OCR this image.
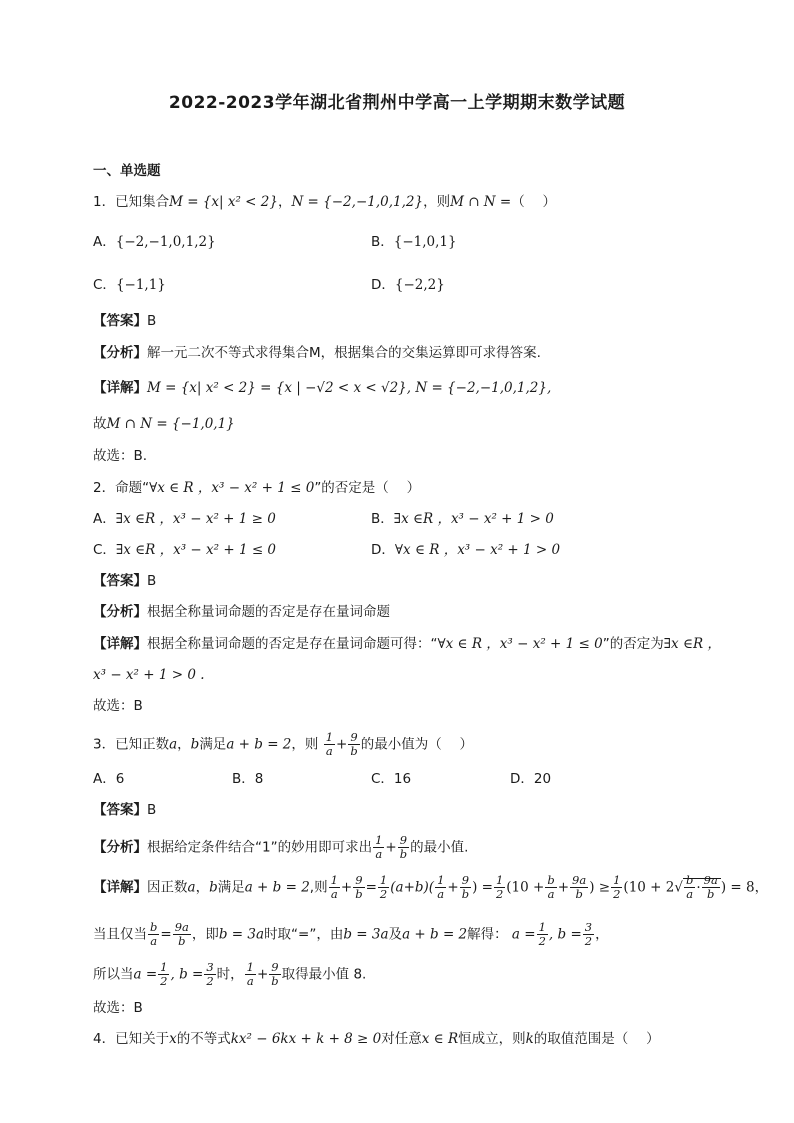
2022-2023学年湖北省荆州中学高一上学期期末数学试题
一、单选题
1．已知集合M = {x| x² < 2}，N = {−2,−1,0,1,2}，则M ∩ N =（　 ）
A．{−2,−1,0,1,2}	B．{−1,0,1}
C．{−1,1}	D．{−2,2}
【答案】B
【分析】解一元二次不等式求得集合M，根据集合的交集运算即可求得答案.
【详解】M = {x| x² < 2} = {x | −√2 < x < √2}, N = {−2,−1,0,1,2},
故M ∩ N = {−1,0,1}
故选：B.
2．命题“∀x ∈ R ，x³ − x² + 1 ≤ 0”的否定是（　 ）
A．∃x ∈R ，x³ − x² + 1 ≥ 0	B．∃x ∈R ，x³ − x² + 1 > 0
C．∃x ∈R ，x³ − x² + 1 ≤ 0	D．∀x ∈ R ，x³ − x² + 1 > 0
【答案】B
【分析】根据全称量词命题的否定是存在量词命题
【详解】根据全称量词命题的否定是存在量词命题可得：“∀x ∈ R ，x³ − x² + 1 ≤ 0”的否定为∃x ∈R ，
x³ − x² + 1 > 0 .
故选：B
3．已知正数a，b满足a + b = 2，则 $\frac{1}{a} + \frac{9}{b}$ 的最小值为（　 ）
A．6	B．8	C．16	D．20
【答案】B
【分析】根据给定条件结合“1”的妙用即可求出 $\frac{1}{a} + \frac{9}{b}$ 的最小值.
【详解】因正数a，b满足a + b = 2,则 $\frac{1}{a} + \frac{9}{b} = \frac{1}{2} (a+b)( \frac{1}{a} + \frac{9}{b}$ ) = $\frac{1}{2} (10 + \frac{b}{a} + \frac{9a}{b}$ ) ≥ $\frac{1}{2} (10 + 2√ \frac{b}{a} \cdot \frac{9a}{b}$ ) = 8，
当且仅当 $\frac{b}{a} = \frac{9a}{b}$ ，即b = 3a时取“=”，由b = 3a及a + b = 2解得： $a = \frac{1}{2}$ , $b = \frac{3}{2}$ ，
所以当$a = \frac{1}{2}$ , $b = \frac{3}{2}$ 时， $\frac{1}{a} + \frac{9}{b}$ 取得最小值 8.
故选：B
4．已知关于x的不等式kx² − 6kx + k + 8 ≥ 0对任意x ∈ R恒成立，则k的取值范围是（　 ）
